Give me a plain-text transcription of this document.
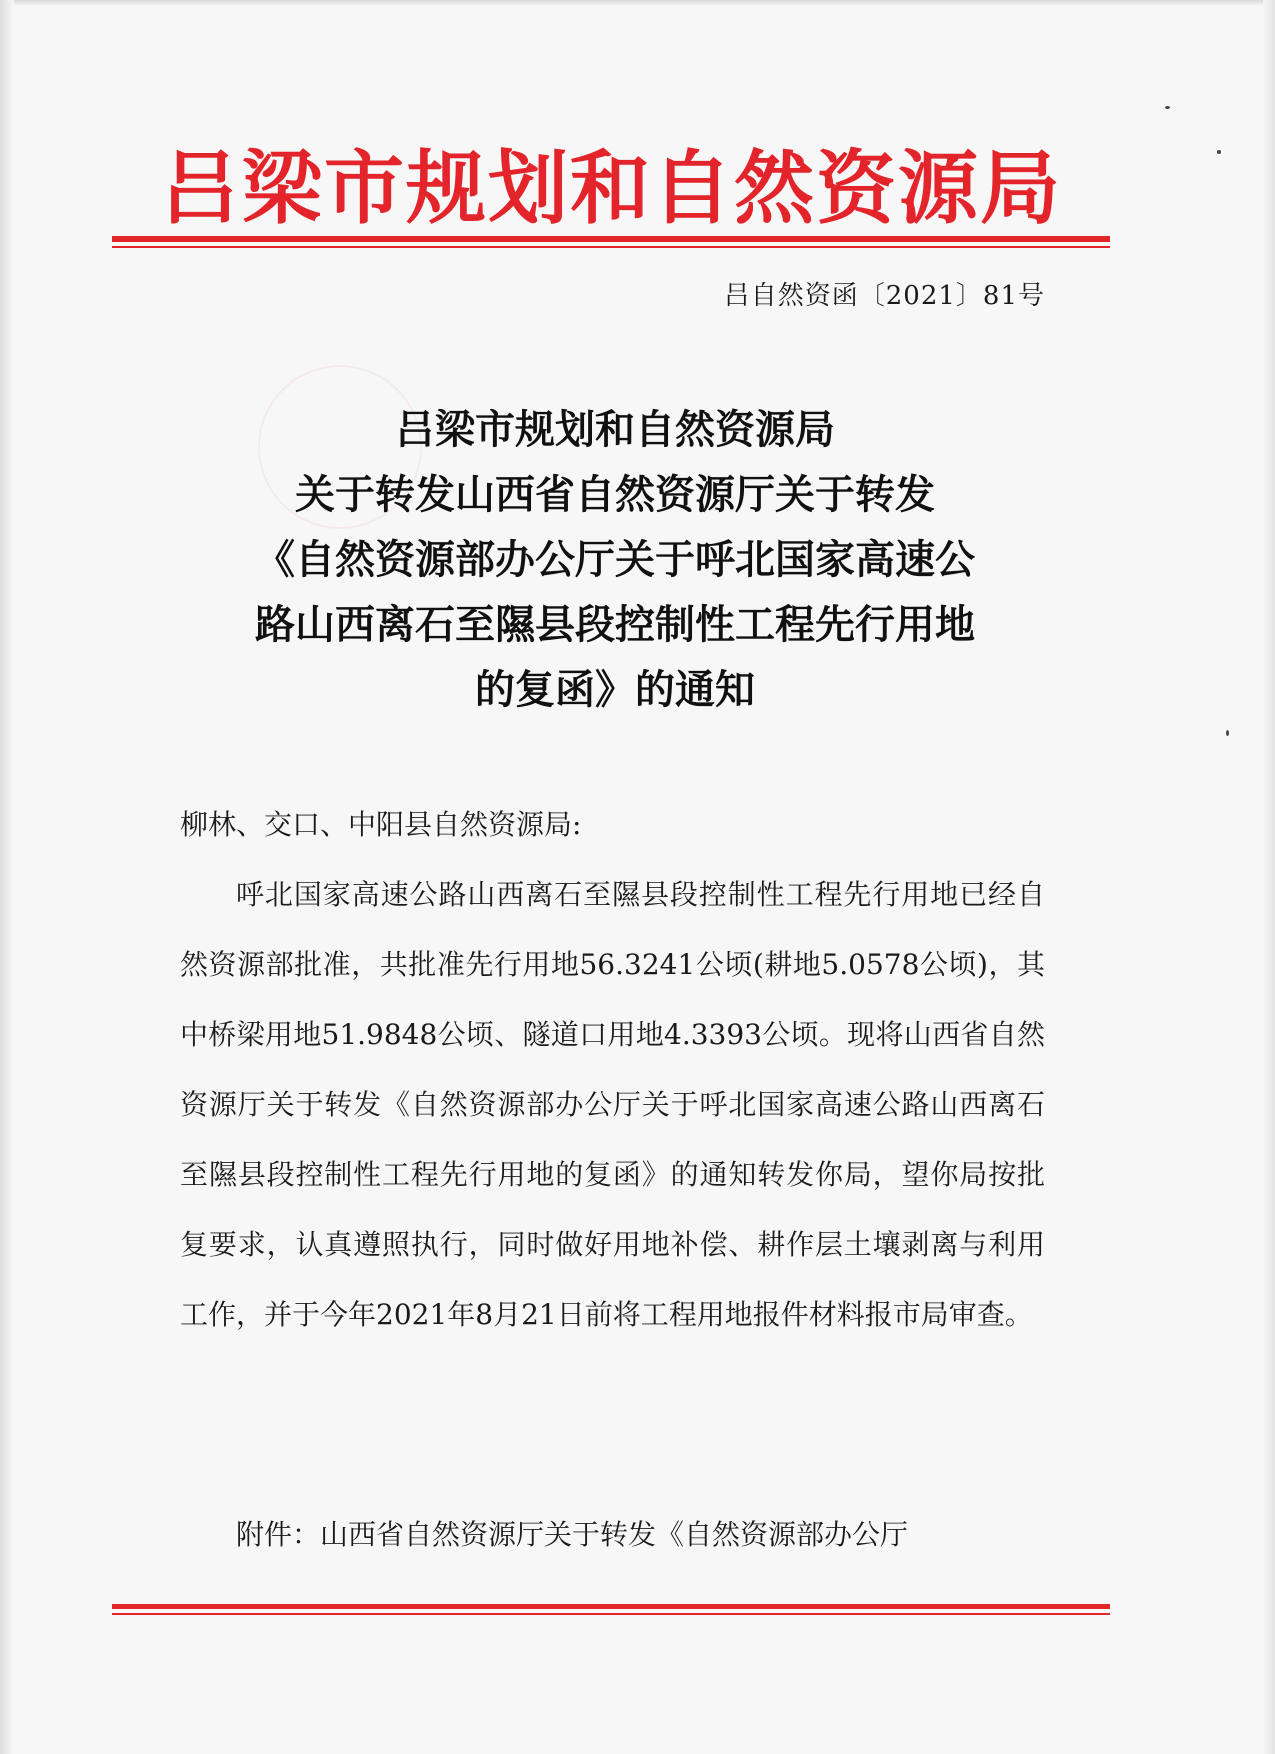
吕梁市规划和自然资源局
吕自然资函〔2021〕81号
吕梁市规划和自然资源局
关于转发山西省自然资源厅关于转发
《自然资源部办公厅关于呼北国家高速公
路山西离石至隰县段控制性工程先行用地
的复函》的通知
柳林、交口、中阳县自然资源局:
呼北国家高速公路山西离石至隰县段控制性工程先行用地已经自然资源部批准，共批准先行用地56.3241公顷(耕地5.0578公顷)，其中桥梁用地51.9848公顷、隧道口用地4.3393公顷。现将山西省自然资源厅关于转发《自然资源部办公厅关于呼北国家高速公路山西离石至隰县段控制性工程先行用地的复函》的通知转发你局，望你局按批复要求，认真遵照执行，同时做好用地补偿、耕作层土壤剥离与利用工作，并于今年2021年8月21日前将工程用地报件材料报市局审查。
附件：山西省自然资源厅关于转发《自然资源部办公厅
